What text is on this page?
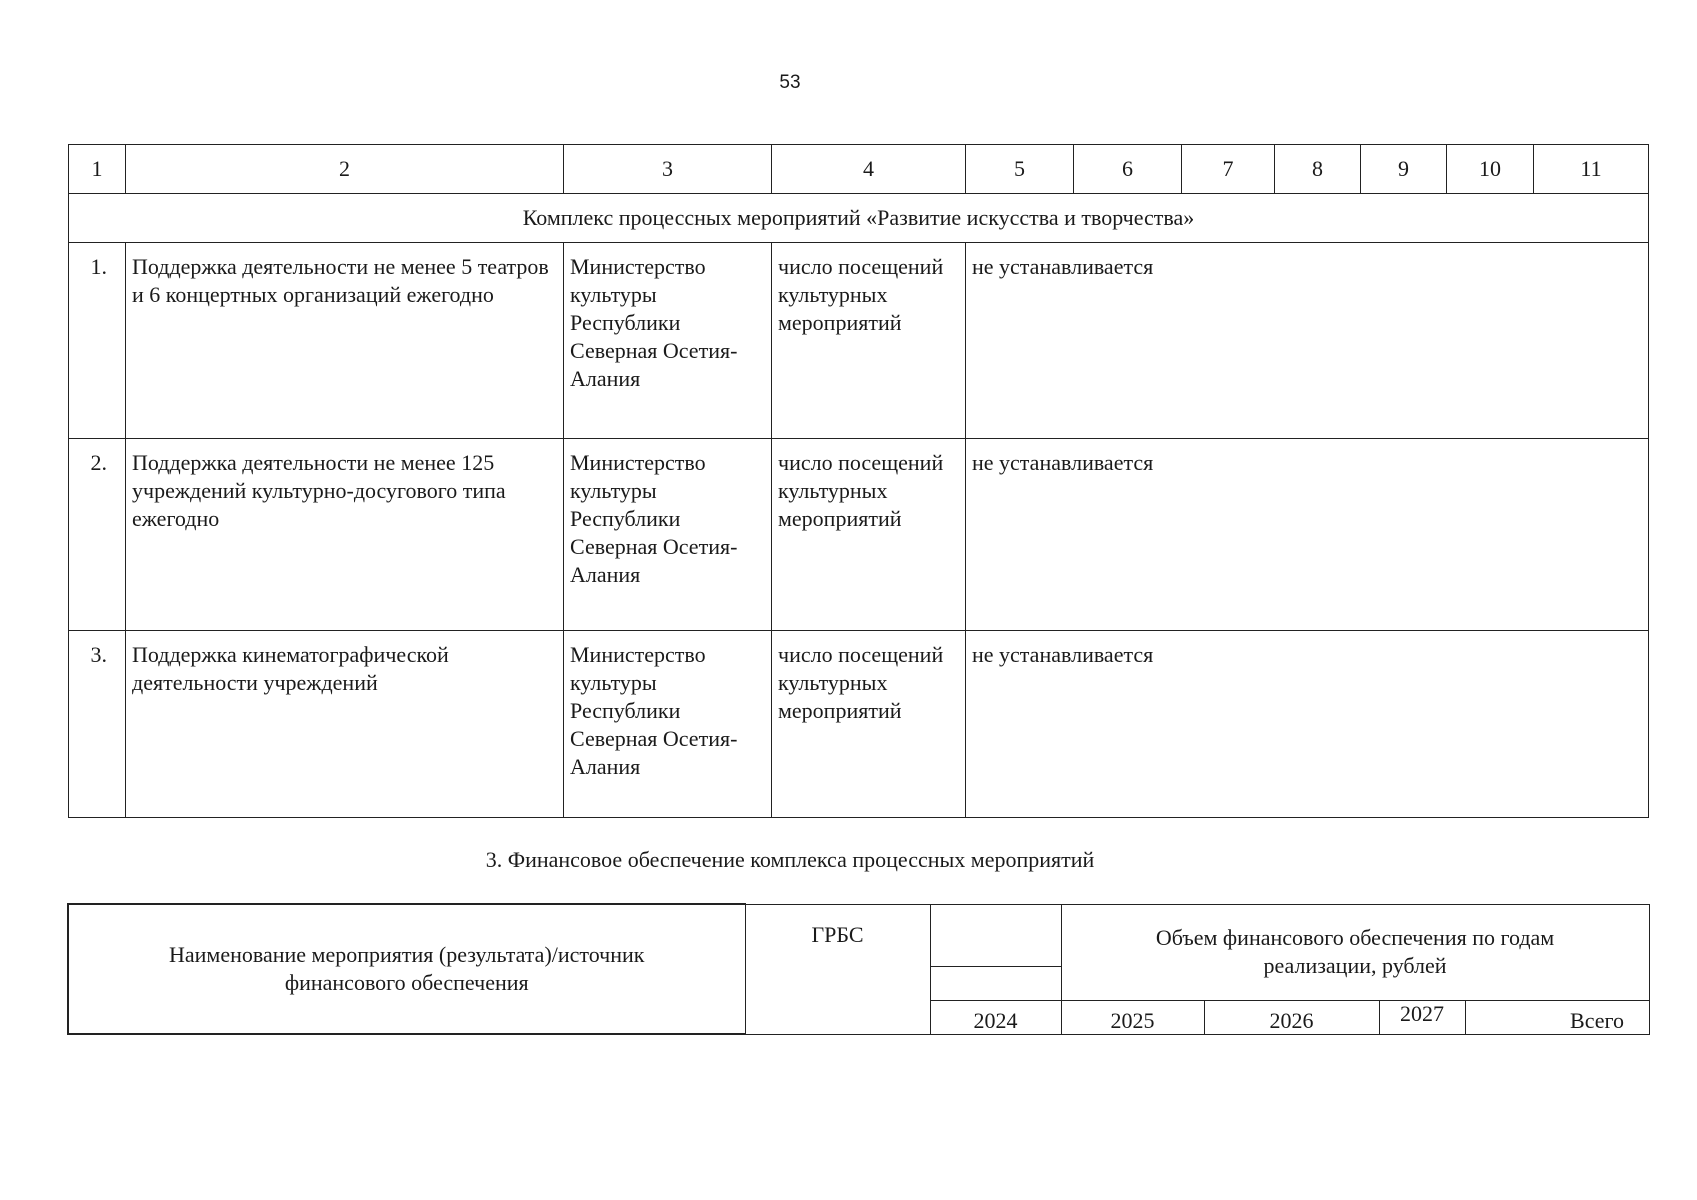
53
1	2	3	4	5	6	7	8	9	10	11
Комплекс процессных мероприятий «Развитие искусства и творчества»										
1.	Поддержка деятельности не менее 5 театров и 6 концертных организаций ежегодно	Министерство культуры Республики Северная Осетия-Алания	число посещений культурных мероприятий	не устанавливается						
2.	Поддержка деятельности не менее 125 учреждений культурно-досугового типа ежегодно	Министерство культуры Республики Северная Осетия-Алания	число посещений культурных мероприятий	не устанавливается						
3.	Поддержка кинематографической деятельности учреждений	Министерство культуры Республики Северная Осетия-Алания	число посещений культурных мероприятий	не устанавливается						
3. Финансовое обеспечение комплекса процессных мероприятий
Наименование мероприятия (результата)/источник финансового обеспечения	ГРБС		Объем финансового обеспечения по годам реализации, рублей			

		2024	2025	2026	2027	Всего
